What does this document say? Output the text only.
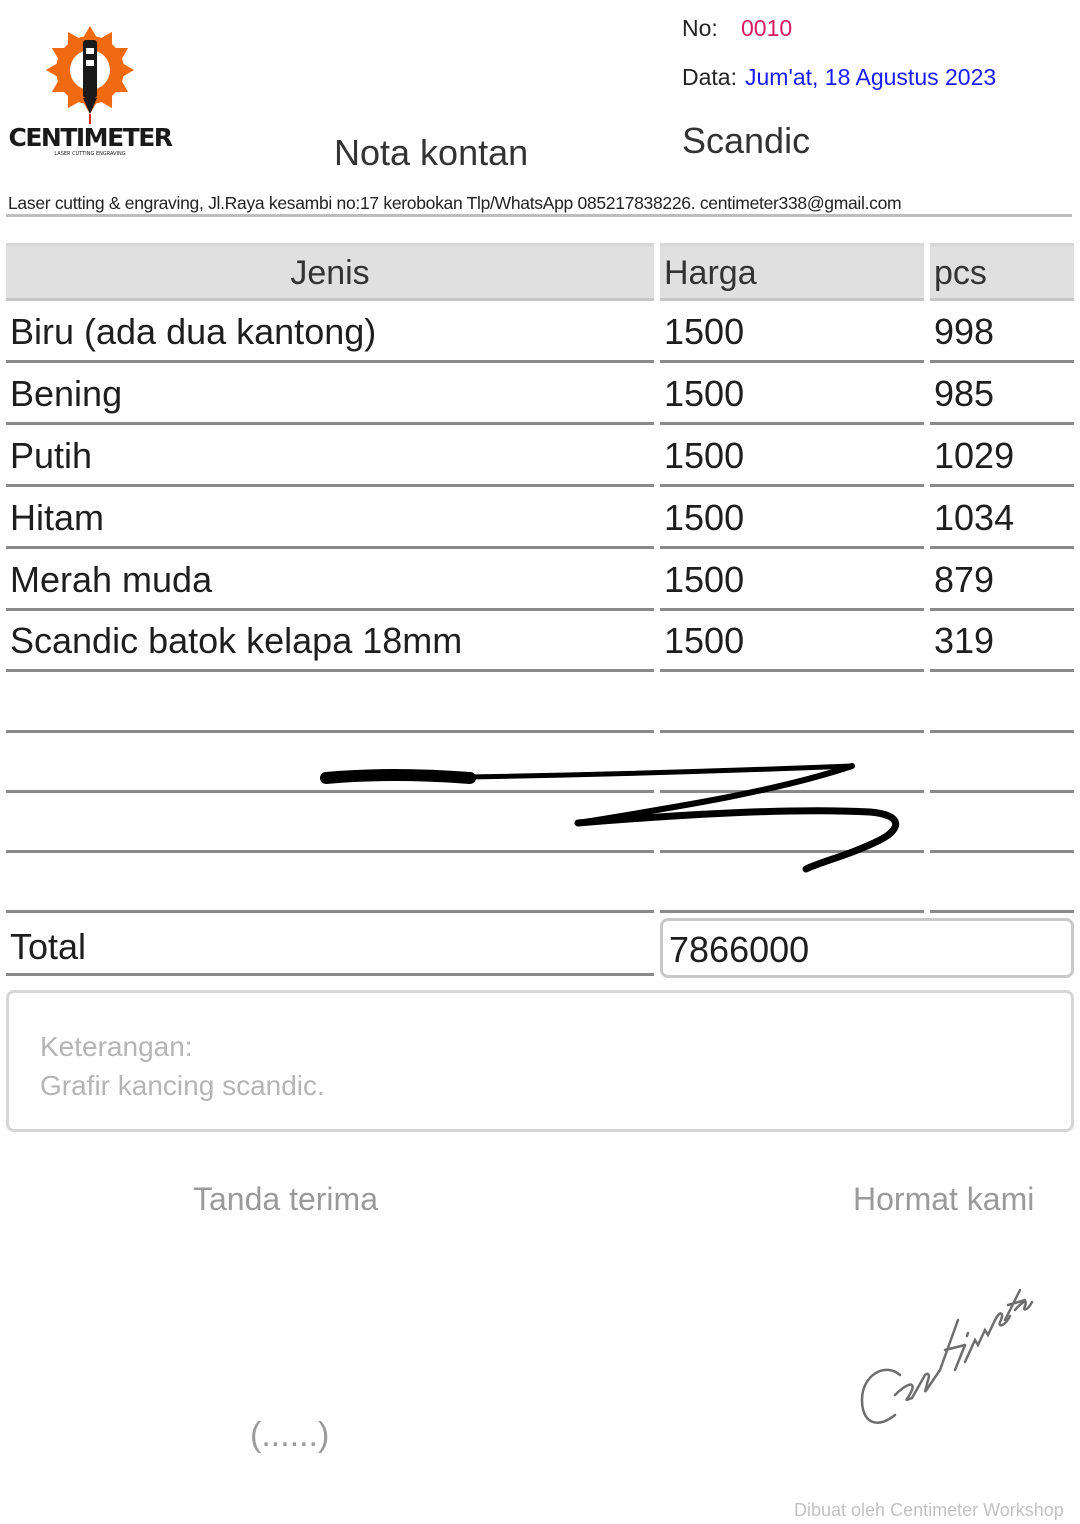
CENTIMETER
LASER CUTTING ENGRAVING	Nota kontan
No: 0010
Data: Jum'at, 18 Agustus 2023
Scandic
Laser cutting & engraving, Jl.Raya kesambi no:17 kerobokan Tlp/WhatsApp 085217838226. centimeter338@gmail.com
Jenis	Harga	pcs
Biru (ada dua kantong)	1500	998
Bening	1500	985
Putih	1500	1029
Hitam	1500	1034
Merah muda	1500	879
Scandic batok kelapa 18mm	1500	319
Total	7866000
Keterangan:
Grafir kancing scandic.
Tanda terima	Hormat kami
(......)
Dibuat oleh Centimeter Workshop
